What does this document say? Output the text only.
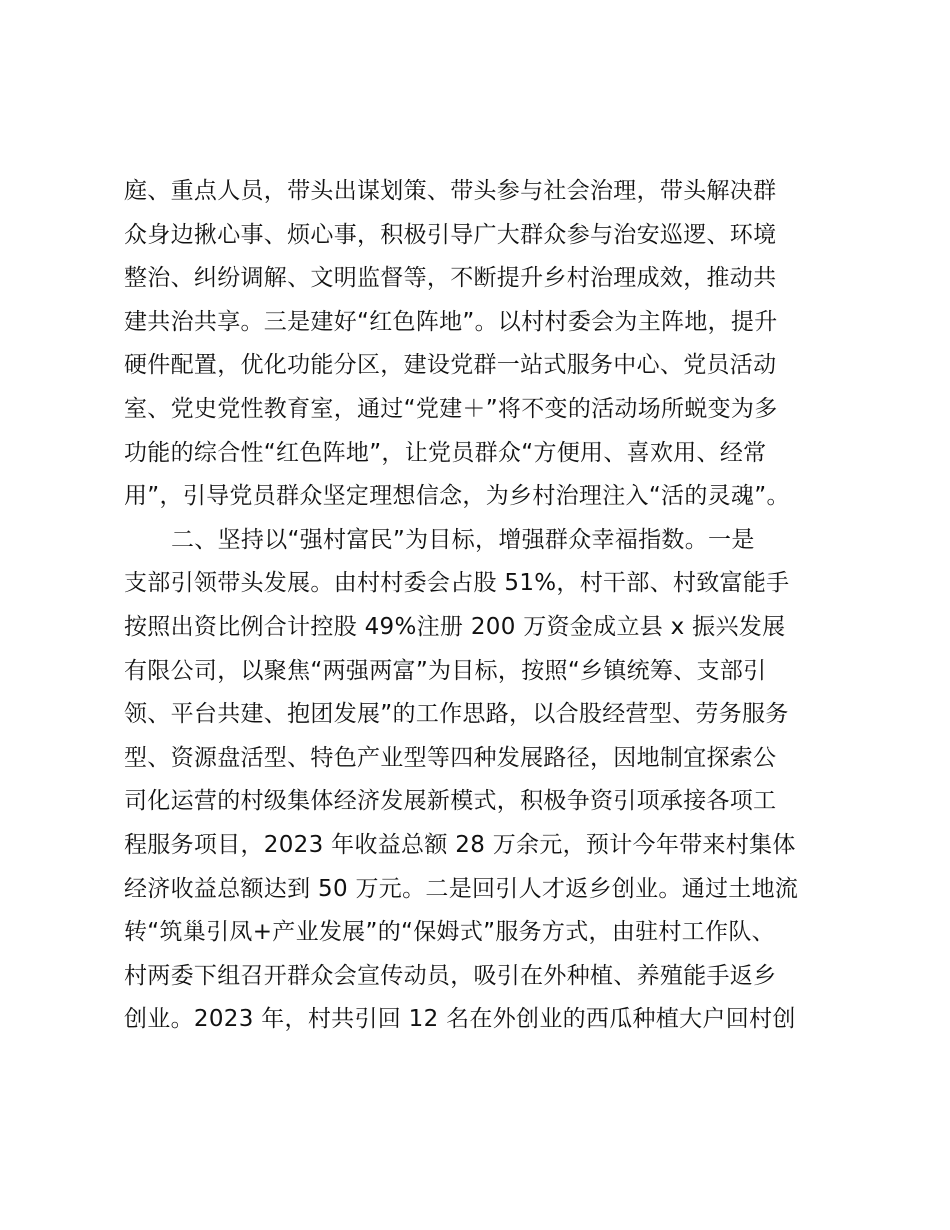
庭、重点人员，带头出谋划策、带头参与社会治理，带头解决群
众身边揪心事、烦心事，积极引导广大群众参与治安巡逻、环境
整治、纠纷调解、文明监督等，不断提升乡村治理成效，推动共
建共治共享。三是建好“红色阵地”。以村村委会为主阵地，提升
硬件配置，优化功能分区，建设党群一站式服务中心、党员活动
室、党史党性教育室，通过“党建＋”将不变的活动场所蜕变为多
功能的综合性“红色阵地”，让党员群众“方便用、喜欢用、经常
用”，引导党员群众坚定理想信念，为乡村治理注入“活的灵魂”。
二、坚持以“强村富民”为目标，增强群众幸福指数。一是
支部引领带头发展。由村村委会占股 51%，村干部、村致富能手
按照出资比例合计控股 49%注册 200 万资金成立县 x 振兴发展
有限公司，以聚焦“两强两富”为目标，按照“乡镇统筹、支部引
领、平台共建、抱团发展”的工作思路，以合股经营型、劳务服务
型、资源盘活型、特色产业型等四种发展路径，因地制宜探索公
司化运营的村级集体经济发展新模式，积极争资引项承接各项工
程服务项目，2023 年收益总额 28 万余元，预计今年带来村集体
经济收益总额达到 50 万元。二是回引人才返乡创业。通过土地流
转“筑巢引凤+产业发展”的“保姆式”服务方式，由驻村工作队、
村两委下组召开群众会宣传动员，吸引在外种植、养殖能手返乡
创业。2023 年，村共引回 12 名在外创业的西瓜种植大户回村创
